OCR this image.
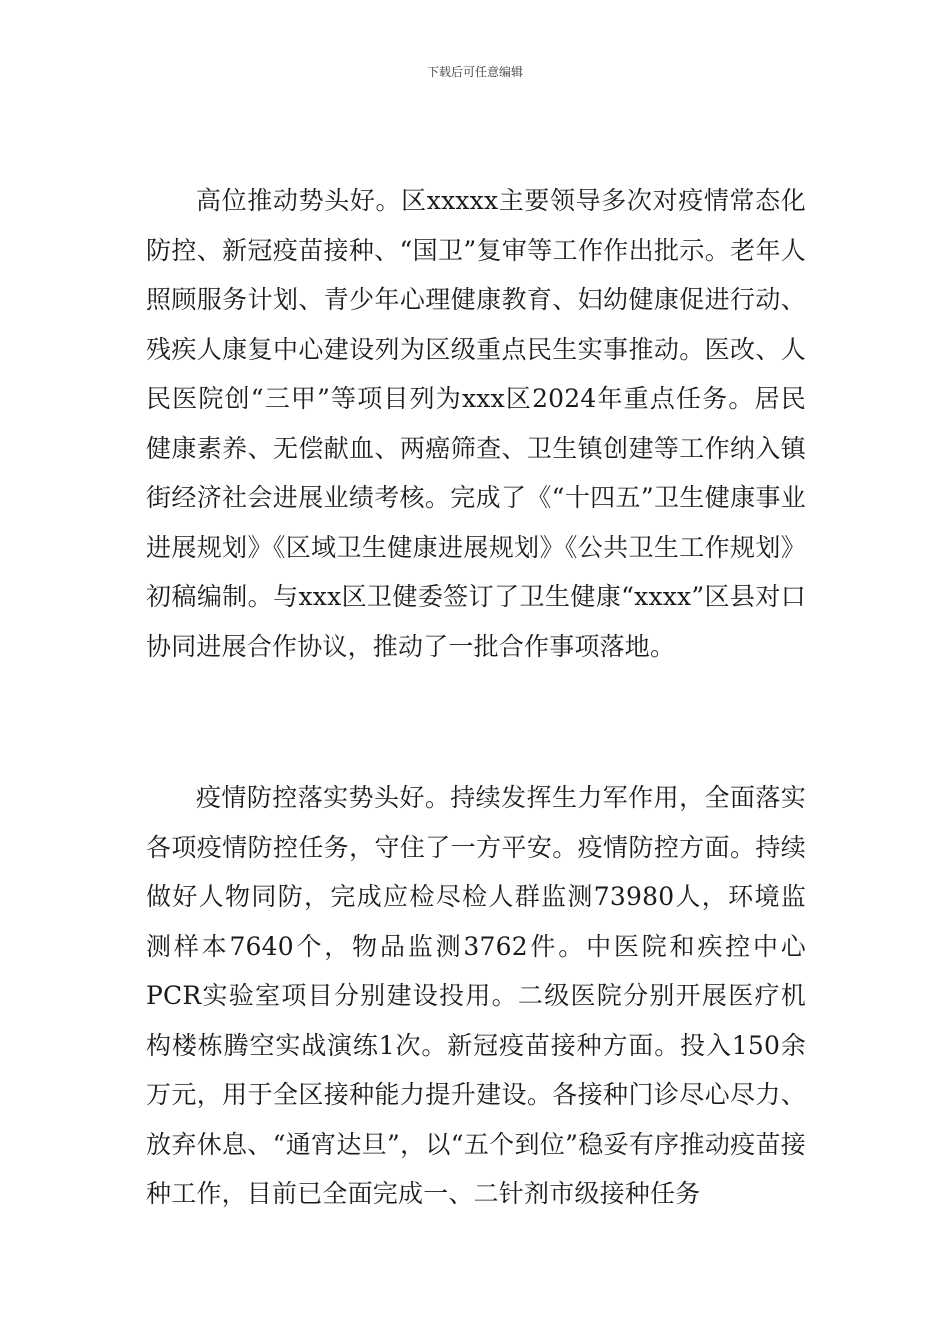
下载后可任意编辑

高位推动势头好。区xxxxx主要领导多次对疫情常态化防控、新冠疫苗接种、“国卫”复审等工作作出批示。老年人照顾服务计划、青少年心理健康教育、妇幼健康促进行动、残疾人康复中心建设列为区级重点民生实事推动。医改、人民医院创“三甲”等项目列为xxx区2024年重点任务。居民健康素养、无偿献血、两癌筛查、卫生镇创建等工作纳入镇街经济社会进展业绩考核。完成了《“十四五”卫生健康事业进展规划》《区域卫生健康进展规划》《公共卫生工作规划》初稿编制。与xxx区卫健委签订了卫生健康“xxxx”区县对口协同进展合作协议，推动了一批合作事项落地。

疫情防控落实势头好。持续发挥生力军作用，全面落实各项疫情防控任务，守住了一方平安。疫情防控方面。持续做好人物同防，完成应检尽检人群监测73980人，环境监测样本7640个，物品监测3762件。中医院和疾控中心PCR实验室项目分别建设投用。二级医院分别开展医疗机构楼栋腾空实战演练1次。新冠疫苗接种方面。投入150余万元，用于全区接种能力提升建设。各接种门诊尽心尽力、放弃休息、“通宵达旦”，以“五个到位”稳妥有序推动疫苗接种工作，目前已全面完成一、二针剂市级接种任务
